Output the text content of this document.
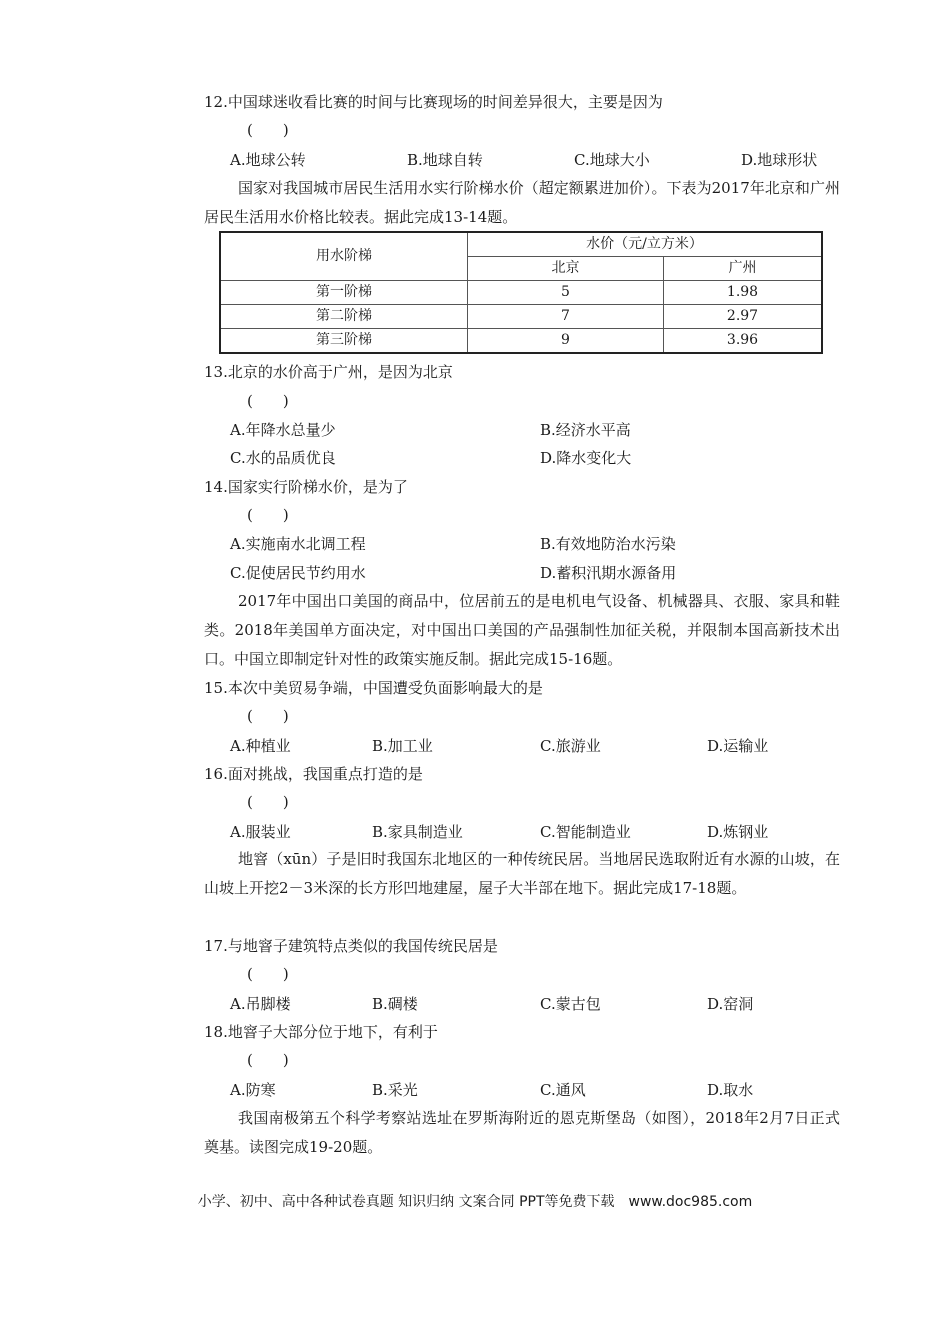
12.中国球迷收看比赛的时间与比赛现场的时间差异很大，主要是因为
(　　)
A.地球公转	B.地球自转	C.地球大小	D.地球形状
国家对我国城市居民生活用水实行阶梯水价（超定额累进加价）。下表为2017年北京和广州居民生活用水价格比较表。据此完成13-14题。
用水阶梯	水价（元/立方米）	
	北京	广州
第一阶梯	5	1.98
第二阶梯	7	2.97
第三阶梯	9	3.96
13.北京的水价高于广州，是因为北京
(　　)
A.年降水总量少	B.经济水平高
C.水的品质优良	D.降水变化大
14.国家实行阶梯水价，是为了
(　　)
A.实施南水北调工程	B.有效地防治水污染
C.促使居民节约用水	D.蓄积汛期水源备用
2017年中国出口美国的商品中，位居前五的是电机电气设备、机械器具、衣服、家具和鞋类。2018年美国单方面决定，对中国出口美国的产品强制性加征关税，并限制本国高新技术出口。中国立即制定针对性的政策实施反制。据此完成15-16题。
15.本次中美贸易争端，中国遭受负面影响最大的是
(　　)
A.种植业	B.加工业	C.旅游业	D.运输业
16.面对挑战，我国重点打造的是
(　　)
A.服装业	B.家具制造业	C.智能制造业	D.炼钢业
地窨（xūn）子是旧时我国东北地区的一种传统民居。当地居民选取附近有水源的山坡，在山坡上开挖2－3米深的长方形凹地建屋，屋子大半部在地下。据此完成17-18题。
17.与地窨子建筑特点类似的我国传统民居是
(　　)
A.吊脚楼	B.碉楼	C.蒙古包	D.窑洞
18.地窨子大部分位于地下，有利于
(　　)
A.防寒	B.采光	C.通风	D.取水
我国南极第五个科学考察站选址在罗斯海附近的恩克斯堡岛（如图），2018年2月7日正式奠基。读图完成19-20题。
小学、初中、高中各种试卷真题 知识归纳 文案合同 PPT等免费下载　www.doc985.com
